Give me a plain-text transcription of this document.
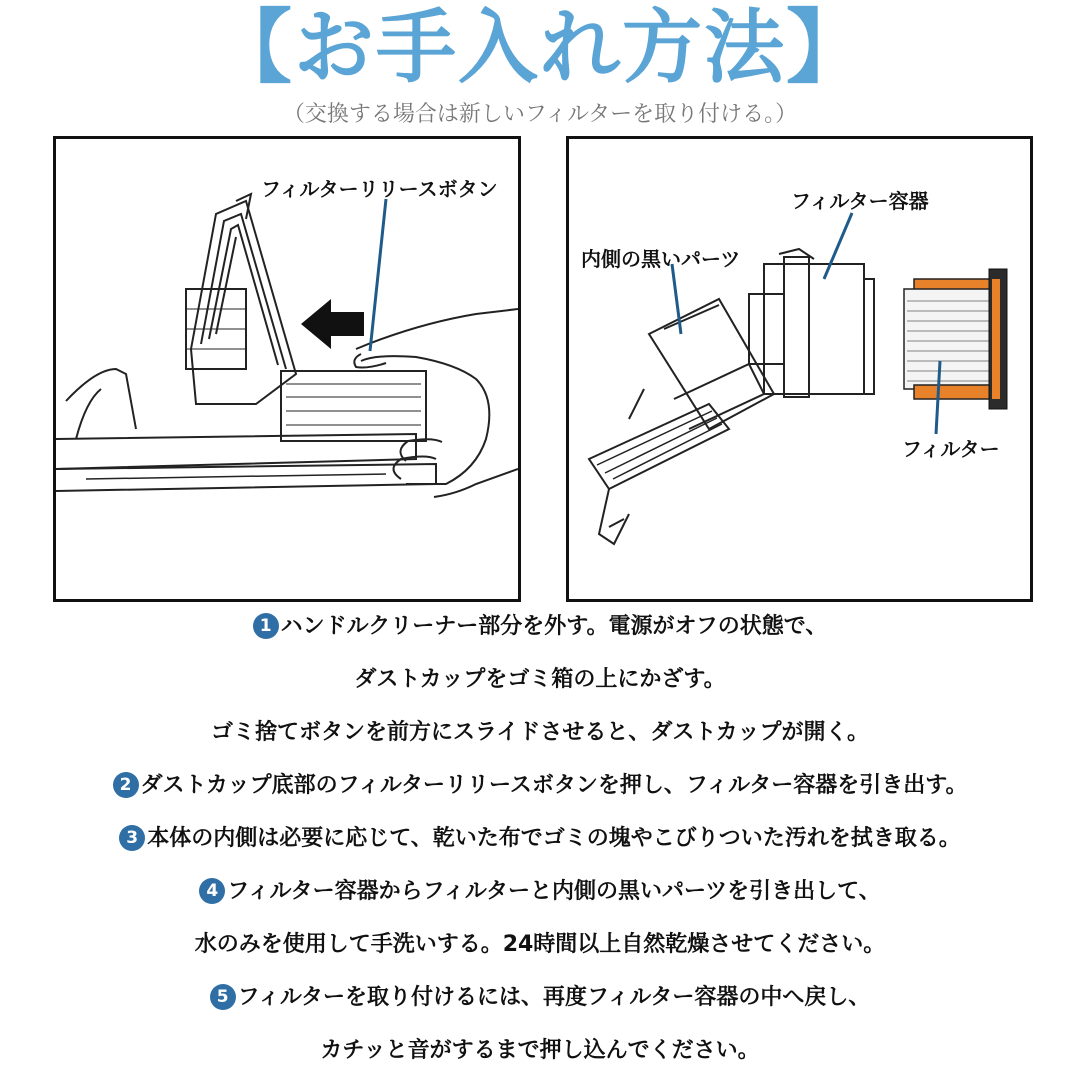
【お手入れ方法】
（交換する場合は新しいフィルターを取り付ける。）
フィルターリリースボタン	フィルター容器
内側の黒いパーツ
フィルター
1 ハンドルクリーナー部分を外す。電源がオフの状態で、
ダストカップをゴミ箱の上にかざす。
ゴミ捨てボタンを前方にスライドさせると、ダストカップが開く。
2 ダストカップ底部のフィルターリリースボタンを押し、フィルター容器を引き出す。
3 本体の内側は必要に応じて、乾いた布でゴミの塊やこびりついた汚れを拭き取る。
4 フィルター容器からフィルターと内側の黒いパーツを引き出して、
水のみを使用して手洗いする。24時間以上自然乾燥させてください。
5 フィルターを取り付けるには、再度フィルター容器の中へ戻し、
カチッと音がするまで押し込んでください。
